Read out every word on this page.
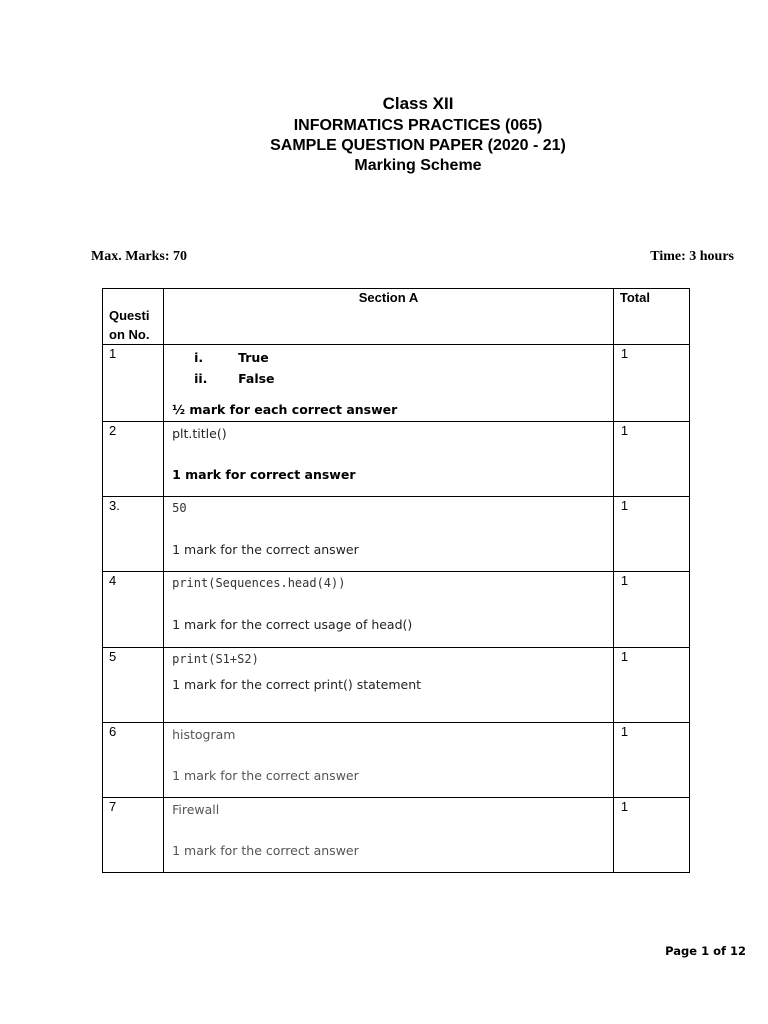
Class XII
INFORMATICS PRACTICES (065)
SAMPLE QUESTION PAPER (2020 - 21)
Marking Scheme
Max. Marks: 70	Time: 3 hours
Questi
on No.	Section A	Total
1	i. True
ii. False
½ mark for each correct answer	1
2	plt.title()
1 mark for correct answer	1
3.	50
1 mark for the correct answer	1
4	print(Sequences.head(4))
1 mark for the correct usage of head()	1
5	print(S1+S2)
1 mark for the correct print() statement	1
6	histogram
1 mark for the correct answer	1
7	Firewall
1 mark for the correct answer	1
Page 1 of 12
